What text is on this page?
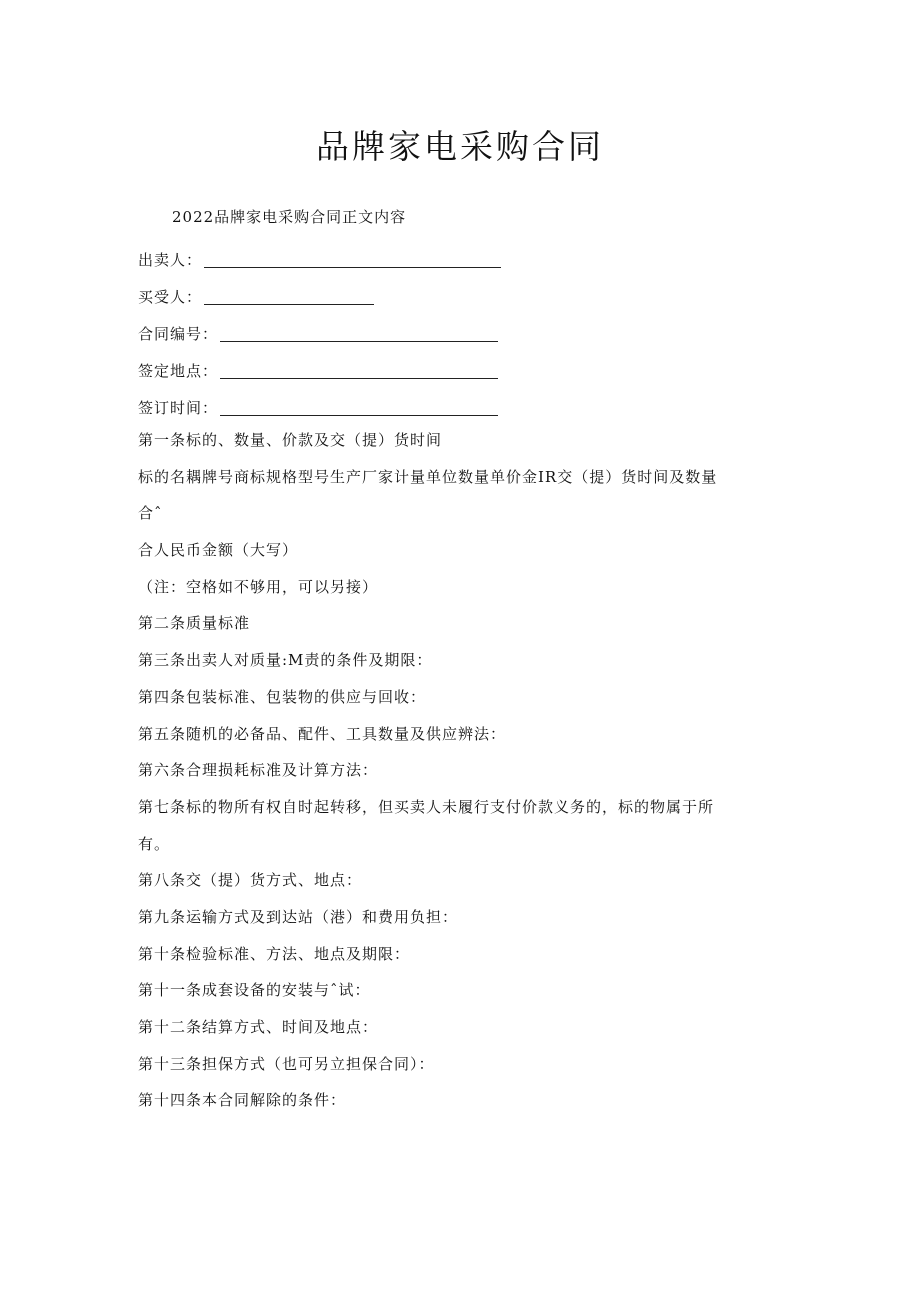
品牌家电采购合同
2022品牌家电采购合同正文内容
出卖人：
买受人：
合同编号：
签定地点：
签订时间：
第一条标的、数量、价款及交（提）货时间
标的名耦牌号商标规格型号生产厂家计量单位数量单价金IR交（提）货时间及数量
合ˆ
合人民币金额（大写）
（注：空格如不够用，可以另接）
第二条质量标准
第三条出卖人对质量:M责的条件及期限：
第四条包装标准、包装物的供应与回收：
第五条随机的必备品、配件、工具数量及供应辨法：
第六条合理损耗标准及计算方法：
第七条标的物所有权自时起转移，但买卖人未履行支付价款义务的，标的物属于所
有。
第八条交（提）货方式、地点：
第九条运输方式及到达站（港）和费用负担：
第十条检验标准、方法、地点及期限：
第十一条成套设备的安装与ˆ试：
第十二条结算方式、时间及地点：
第十三条担保方式（也可另立担保合同）：
第十四条本合同解除的条件：
